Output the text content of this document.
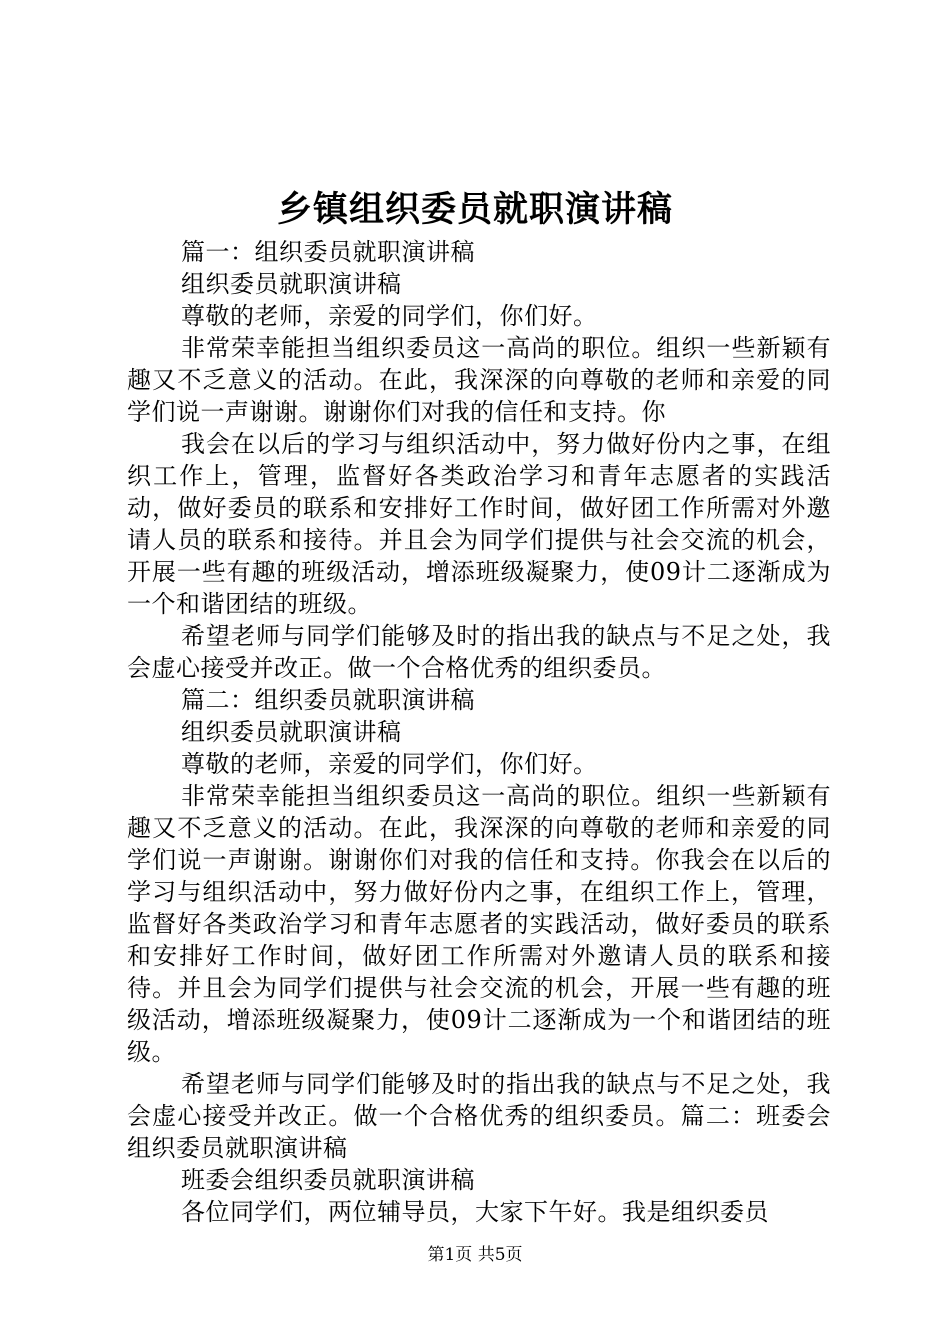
乡镇组织委员就职演讲稿

篇一：组织委员就职演讲稿

组织委员就职演讲稿

尊敬的老师，亲爱的同学们，你们好。

非常荣幸能担当组织委员这一高尚的职位。组织一些新颖有趣又不乏意义的活动。在此，我深深的向尊敬的老师和亲爱的同学们说一声谢谢。谢谢你们对我的信任和支持。你

我会在以后的学习与组织活动中，努力做好份内之事，在组织工作上，管理，监督好各类政治学习和青年志愿者的实践活动，做好委员的联系和安排好工作时间，做好团工作所需对外邀请人员的联系和接待。并且会为同学们提供与社会交流的机会，开展一些有趣的班级活动，增添班级凝聚力，使09计二逐渐成为一个和谐团结的班级。

希望老师与同学们能够及时的指出我的缺点与不足之处，我会虚心接受并改正。做一个合格优秀的组织委员。

篇二：组织委员就职演讲稿

组织委员就职演讲稿

尊敬的老师，亲爱的同学们，你们好。

非常荣幸能担当组织委员这一高尚的职位。组织一些新颖有趣又不乏意义的活动。在此，我深深的向尊敬的老师和亲爱的同学们说一声谢谢。谢谢你们对我的信任和支持。你我会在以后的学习与组织活动中，努力做好份内之事，在组织工作上，管理，监督好各类政治学习和青年志愿者的实践活动，做好委员的联系和安排好工作时间，做好团工作所需对外邀请人员的联系和接待。并且会为同学们提供与社会交流的机会，开展一些有趣的班级活动，增添班级凝聚力，使09计二逐渐成为一个和谐团结的班级。

希望老师与同学们能够及时的指出我的缺点与不足之处，我会虚心接受并改正。做一个合格优秀的组织委员。篇二：班委会组织委员就职演讲稿

班委会组织委员就职演讲稿

各位同学们，两位辅导员，大家下午好。我是组织委员

第1页 共5页
